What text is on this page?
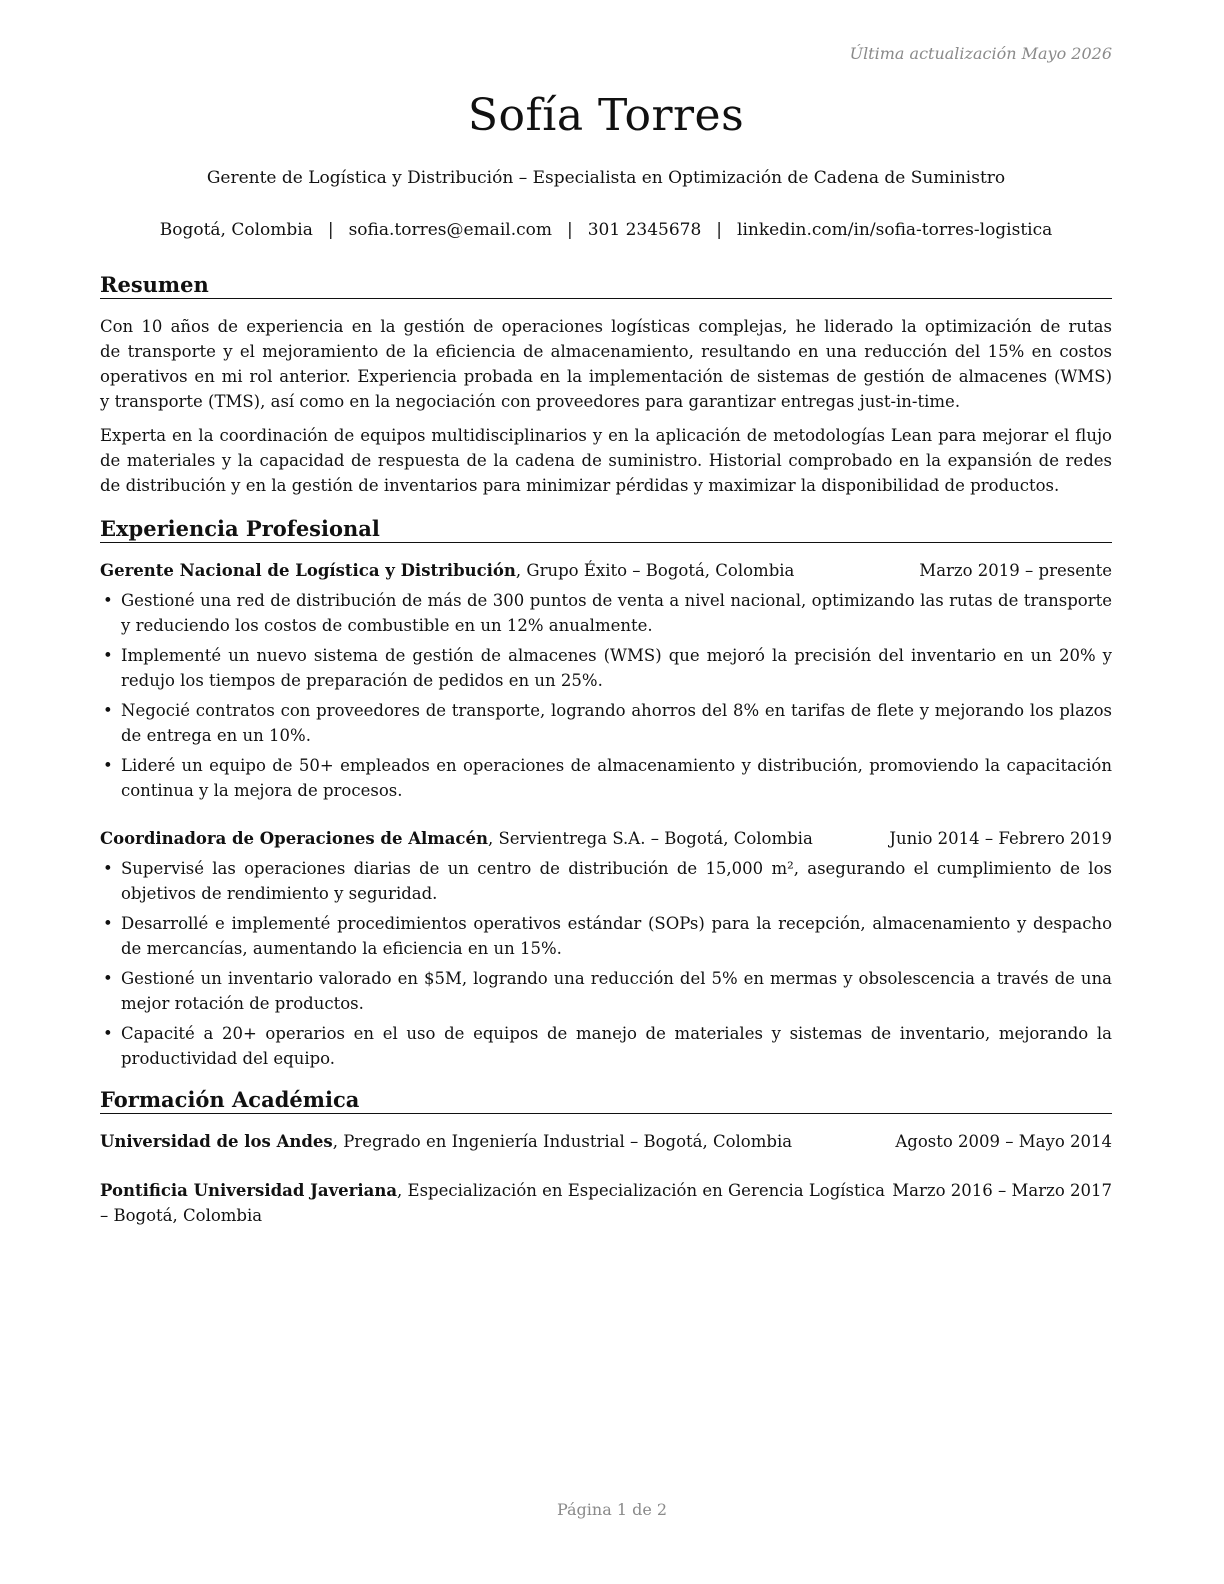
Última actualización Mayo 2026
Sofía Torres
Gerente de Logística y Distribución – Especialista en Optimización de Cadena de Suministro
Bogotá, Colombia | sofia.torres@email.com | 301 2345678 | linkedin.com/in/sofia-torres-logistica
Resumen
Con 10 años de experiencia en la gestión de operaciones logísticas complejas, he liderado la optimización de rutas
de transporte y el mejoramiento de la eficiencia de almacenamiento, resultando en una reducción del 15% en costos
operativos en mi rol anterior. Experiencia probada en la implementación de sistemas de gestión de almacenes (WMS)
y transporte (TMS), así como en la negociación con proveedores para garantizar entregas just-in-time.
Experta en la coordinación de equipos multidisciplinarios y en la aplicación de metodologías Lean para mejorar el flujo
de materiales y la capacidad de respuesta de la cadena de suministro. Historial comprobado en la expansión de redes
de distribución y en la gestión de inventarios para minimizar pérdidas y maximizar la disponibilidad de productos.
Experiencia Profesional
Gerente Nacional de Logística y Distribución, Grupo Éxito – Bogotá, Colombia	Marzo 2019 – presente
• Gestioné una red de distribución de más de 300 puntos de venta a nivel nacional, optimizando las rutas de transporte
y reduciendo los costos de combustible en un 12% anualmente.
• Implementé un nuevo sistema de gestión de almacenes (WMS) que mejoró la precisión del inventario en un 20% y
redujo los tiempos de preparación de pedidos en un 25%.
• Negocié contratos con proveedores de transporte, logrando ahorros del 8% en tarifas de flete y mejorando los plazos
de entrega en un 10%.
• Lideré un equipo de 50+ empleados en operaciones de almacenamiento y distribución, promoviendo la capacitación
continua y la mejora de procesos.
Coordinadora de Operaciones de Almacén, Servientrega S.A. – Bogotá, Colombia	Junio 2014 – Febrero 2019
• Supervisé las operaciones diarias de un centro de distribución de 15,000 m², asegurando el cumplimiento de los
objetivos de rendimiento y seguridad.
• Desarrollé e implementé procedimientos operativos estándar (SOPs) para la recepción, almacenamiento y despacho
de mercancías, aumentando la eficiencia en un 15%.
• Gestioné un inventario valorado en $5M, logrando una reducción del 5% en mermas y obsolescencia a través de una
mejor rotación de productos.
• Capacité a 20+ operarios en el uso de equipos de manejo de materiales y sistemas de inventario, mejorando la
productividad del equipo.
Formación Académica
Universidad de los Andes, Pregrado en Ingeniería Industrial – Bogotá, Colombia	Agosto 2009 – Mayo 2014
Pontificia Universidad Javeriana, Especialización en Especialización en Gerencia Logística Marzo 2016 – Marzo 2017
– Bogotá, Colombia
Página 1 de 2
